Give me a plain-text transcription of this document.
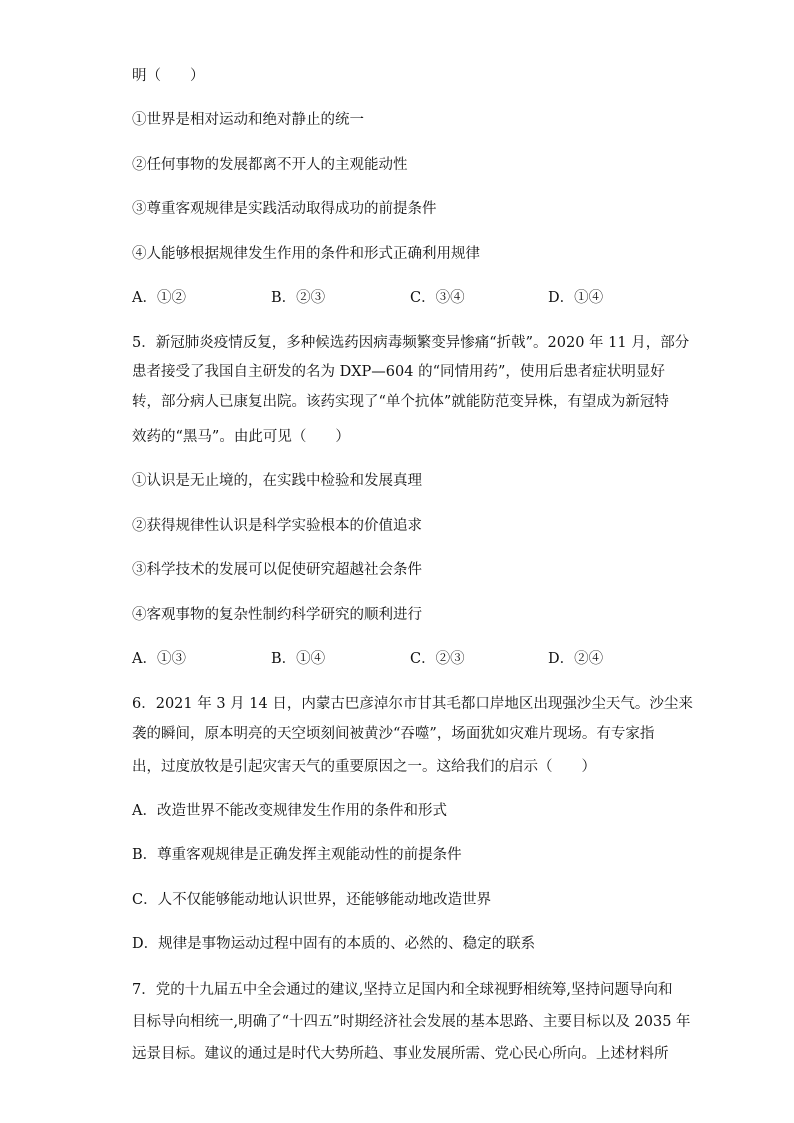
明（　　）
①世界是相对运动和绝对静止的统一
②任何事物的发展都离不开人的主观能动性
③尊重客观规律是实践活动取得成功的前提条件
④人能够根据规律发生作用的条件和形式正确利用规律
A．①②	B．②③	C．③④	D．①④
5．新冠肺炎疫情反复，多种候选药因病毒频繁变异惨痛“折戟”。2020 年 11 月，部分
患者接受了我国自主研发的名为 DXP—604 的“同情用药”，使用后患者症状明显好
转，部分病人已康复出院。该药实现了“单个抗体”就能防范变异株，有望成为新冠特
效药的“黑马”。由此可见（　　）
①认识是无止境的，在实践中检验和发展真理
②获得规律性认识是科学实验根本的价值追求
③科学技术的发展可以促使研究超越社会条件
④客观事物的复杂性制约科学研究的顺利进行
A．①③	B．①④	C．②③	D．②④
6．2021 年 3 月 14 日，内蒙古巴彦淖尔市甘其毛都口岸地区出现强沙尘天气。沙尘来
袭的瞬间，原本明亮的天空顷刻间被黄沙“吞噬”，场面犹如灾难片现场。有专家指
出，过度放牧是引起灾害天气的重要原因之一。这给我们的启示（　　）
A．改造世界不能改变规律发生作用的条件和形式
B．尊重客观规律是正确发挥主观能动性的前提条件
C．人不仅能够能动地认识世界，还能够能动地改造世界
D．规律是事物运动过程中固有的本质的、必然的、稳定的联系
7．党的十九届五中全会通过的建议,坚持立足国内和全球视野相统筹,坚持问题导向和
目标导向相统一,明确了“十四五”时期经济社会发展的基本思路、主要目标以及 2035 年
远景目标。建议的通过是时代大势所趋、事业发展所需、党心民心所向。上述材料所
